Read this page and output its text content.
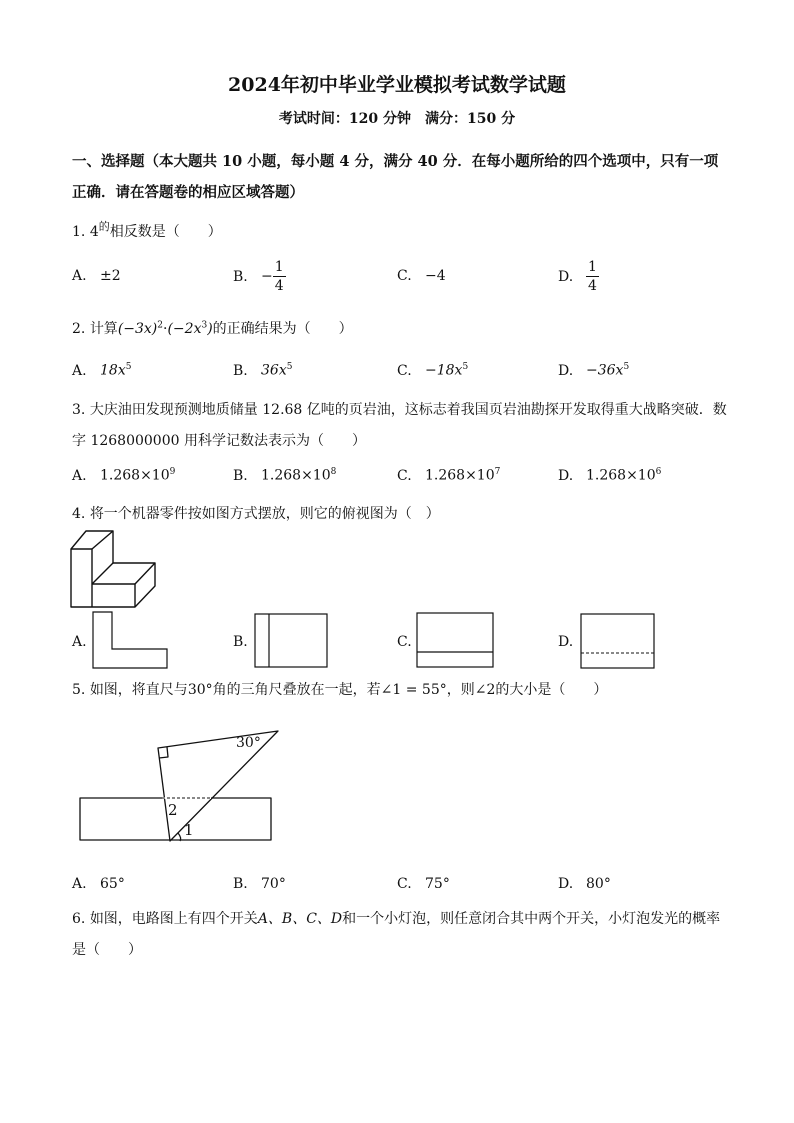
2024年初中毕业学业模拟考试数学试题
考试时间：120 分钟　满分：150 分
一、选择题（本大题共 10 小题，每小题 4 分，满分 40 分．在每小题所给的四个选项中，只有一项正确．请在答题卷的相应区域答题）
1. $4^的$相反数是（　　）
A. ±2	B. − $\frac{1}{4}$	C. −4	D. $\frac{1}{4}$
2. 计算$(-3x)^2\cdot(-2x^3)$的正确结果为（　　）
A. $18x^5$	B. $36x^5$	C. $-18x^5$	D. $-36x^5$
3. 大庆油田发现预测地质储量 12.68 亿吨的页岩油，这标志着我国页岩油勘探开发取得重大战略突破．数
字 1268000000 用科学记数法表示为（　　）
A. $1.268\times 10^9$	B. $1.268\times 10^8$	C. $1.268\times 10^7$	D. $1.268\times 10^6$
4. 将一个机器零件按如图方式摆放，则它的俯视图为（　）
A.	B.	C.	D.
5. 如图，将直尺与30°角的三角尺叠放在一起，若∠1 = 55°，则∠2的大小是（　　）
30°
2
1
A. 65°	B. 70°	C. 75°	D. 80°
6. 如图，电路图上有四个开关A、B、C、D和一个小灯泡，则任意闭合其中两个开关，小灯泡发光的概率
是（　　）
